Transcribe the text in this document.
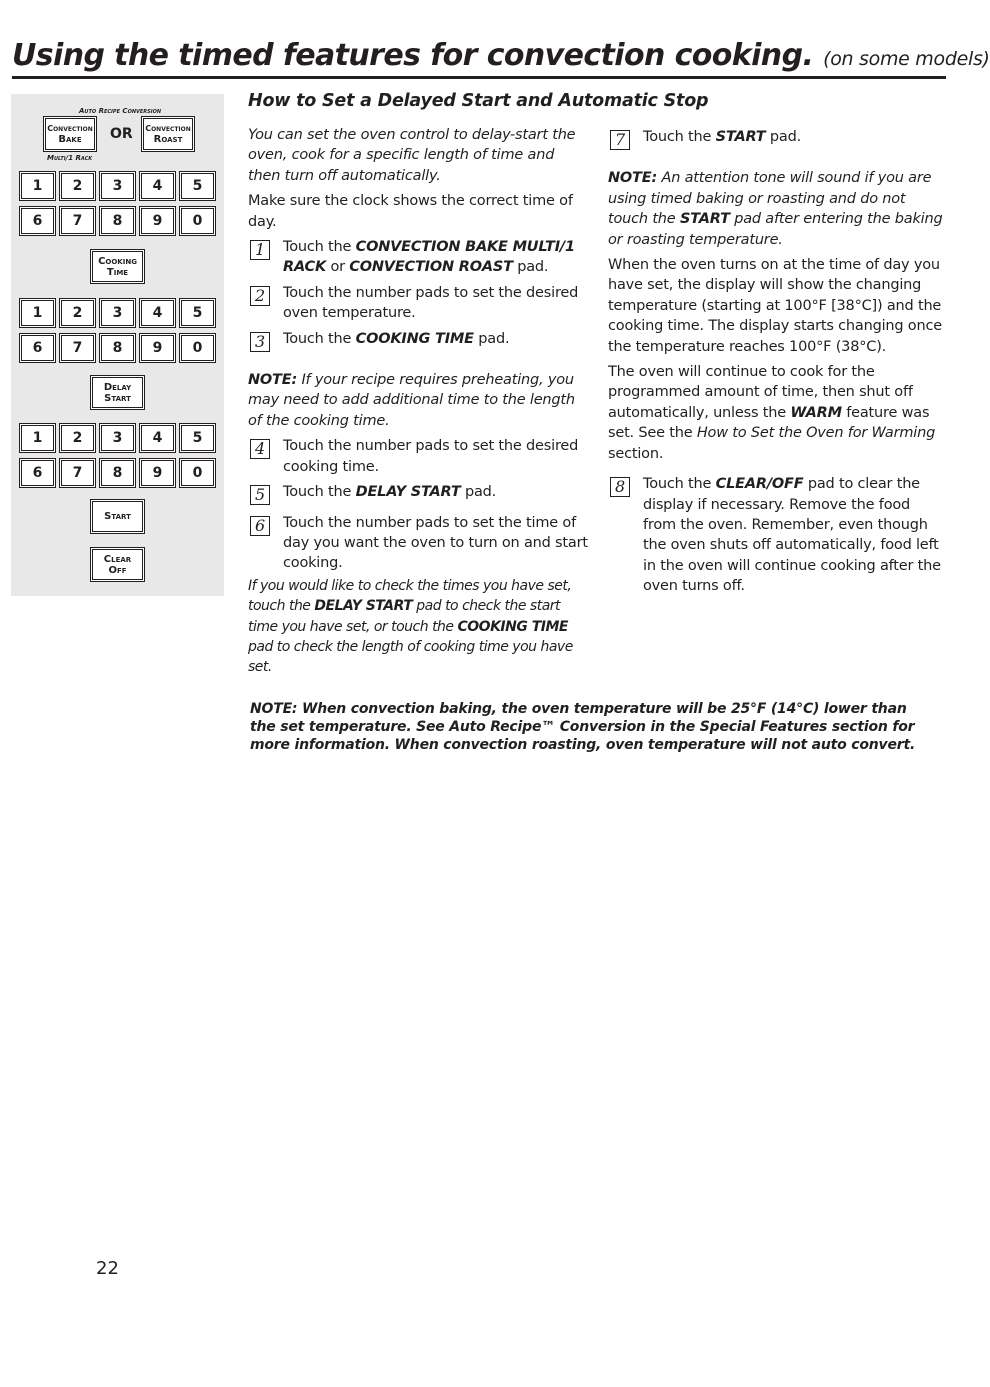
Using the timed features for convection cooking. (on some models)
Auto Recipe Conversion
Convection
Bake OR Convection
Roast
Multi/1 Rack
1	2	3	4	5
6	7	8	9	0
Cooking
Time
1	2	3	4	5
6	7	8	9	0
Delay
Start
1	2	3	4	5
6	7	8	9	0
Start
Clear
Off
How to Set a Delayed Start and Automatic Stop

You can set the oven control to delay-start the oven, cook for a specific length of time and then turn off automatically.

Make sure the clock shows the correct time of day.

1	Touch the CONVECTION BAKE MULTI/1 RACK or CONVECTION ROAST pad.
2	Touch the number pads to set the desired oven temperature.
3	Touch the COOKING TIME pad.

NOTE: If your recipe requires preheating, you may need to add additional time to the length of the cooking time.

4	Touch the number pads to set the desired cooking time.
5	Touch the DELAY START pad.
6	Touch the number pads to set the time of day you want the oven to turn on and start cooking.

If you would like to check the times you have set, touch the DELAY START pad to check the start time you have set, or touch the COOKING TIME pad to check the length of cooking time you have set.

7	Touch the START pad.

NOTE: An attention tone will sound if you are using timed baking or roasting and do not touch the START pad after entering the baking or roasting temperature.

When the oven turns on at the time of day you have set, the display will show the changing temperature (starting at 100°F [38°C]) and the cooking time. The display starts changing once the temperature reaches 100°F (38°C).

The oven will continue to cook for the programmed amount of time, then shut off automatically, unless the WARM feature was set. See the How to Set the Oven for Warming section.

8	Touch the CLEAR/OFF pad to clear the display if necessary. Remove the food from the oven. Remember, even though the oven shuts off automatically, food left in the oven will continue cooking after the oven turns off.
NOTE: When convection baking, the oven temperature will be 25°F (14°C) lower than the set temperature. See Auto Recipe™ Conversion in the Special Features section for more information. When convection roasting, oven temperature will not auto convert.
22
